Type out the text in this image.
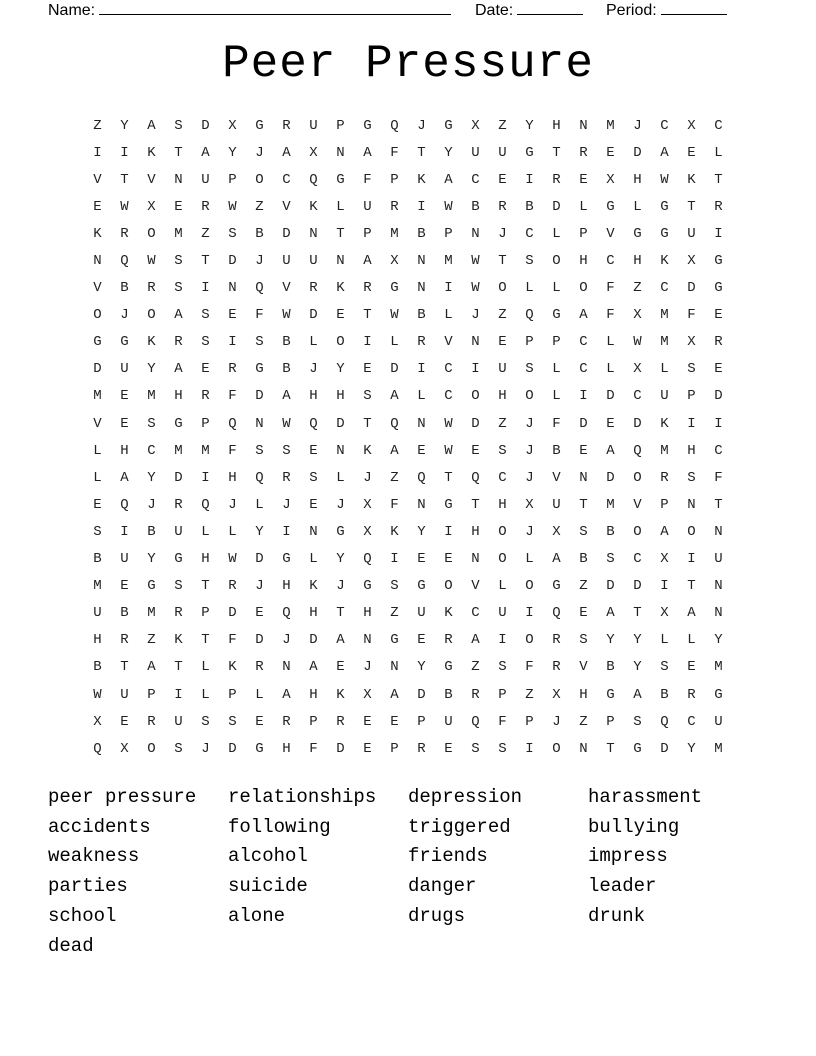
Name:	Date:	Period:
Peer Pressure
Z	Y	A	S	D	X	G	R	U	P	G	Q	J	G	X	Z	Y	H	N	M	J	C	X	C
I	I	K	T	A	Y	J	A	X	N	A	F	T	Y	U	U	G	T	R	E	D	A	E	L
V	T	V	N	U	P	O	C	Q	G	F	P	K	A	C	E	I	R	E	X	H	W	K	T
E	W	X	E	R	W	Z	V	K	L	U	R	I	W	B	R	B	D	L	G	L	G	T	R
K	R	O	M	Z	S	B	D	N	T	P	M	B	P	N	J	C	L	P	V	G	G	U	I
N	Q	W	S	T	D	J	U	U	N	A	X	N	M	W	T	S	O	H	C	H	K	X	G
V	B	R	S	I	N	Q	V	R	K	R	G	N	I	W	O	L	L	O	F	Z	C	D	G
O	J	O	A	S	E	F	W	D	E	T	W	B	L	J	Z	Q	G	A	F	X	M	F	E
G	G	K	R	S	I	S	B	L	O	I	L	R	V	N	E	P	P	C	L	W	M	X	R
D	U	Y	A	E	R	G	B	J	Y	E	D	I	C	I	U	S	L	C	L	X	L	S	E
M	E	M	H	R	F	D	A	H	H	S	A	L	C	O	H	O	L	I	D	C	U	P	D
V	E	S	G	P	Q	N	W	Q	D	T	Q	N	W	D	Z	J	F	D	E	D	K	I	I
L	H	C	M	M	F	S	S	E	N	K	A	E	W	E	S	J	B	E	A	Q	M	H	C
L	A	Y	D	I	H	Q	R	S	L	J	Z	Q	T	Q	C	J	V	N	D	O	R	S	F
E	Q	J	R	Q	J	L	J	E	J	X	F	N	G	T	H	X	U	T	M	V	P	N	T
S	I	B	U	L	L	Y	I	N	G	X	K	Y	I	H	O	J	X	S	B	O	A	O	N
B	U	Y	G	H	W	D	G	L	Y	Q	I	E	E	N	O	L	A	B	S	C	X	I	U
M	E	G	S	T	R	J	H	K	J	G	S	G	O	V	L	O	G	Z	D	D	I	T	N
U	B	M	R	P	D	E	Q	H	T	H	Z	U	K	C	U	I	Q	E	A	T	X	A	N
H	R	Z	K	T	F	D	J	D	A	N	G	E	R	A	I	O	R	S	Y	Y	L	L	Y
B	T	A	T	L	K	R	N	A	E	J	N	Y	G	Z	S	F	R	V	B	Y	S	E	M
W	U	P	I	L	P	L	A	H	K	X	A	D	B	R	P	Z	X	H	G	A	B	R	G
X	E	R	U	S	S	E	R	P	R	E	E	P	U	Q	F	P	J	Z	P	S	Q	C	U
Q	X	O	S	J	D	G	H	F	D	E	P	R	E	S	S	I	O	N	T	G	D	Y	M
peer pressure	relationships	depression	harassment
accidents	following	triggered	bullying
weakness	alcohol	friends	impress
parties	suicide	danger	leader
school	alone	drugs	drunk
dead
